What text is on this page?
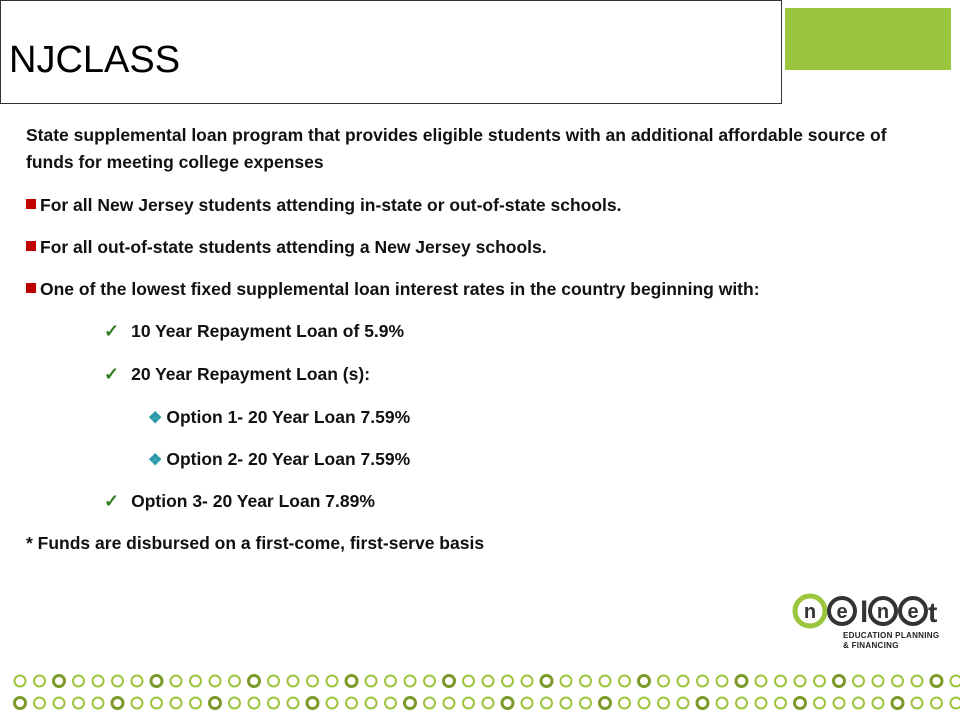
NJCLASS
State supplemental loan program that provides eligible students with an additional affordable source of funds for meeting college expenses
For all New Jersey students attending in-state or out-of-state schools.
For all out-of-state students attending a New Jersey schools.
One of the lowest fixed supplemental loan interest rates in the country beginning with:
✓ 10 Year Repayment Loan of 5.9%
✓ 20 Year Repayment Loan (s):
❖ Option 1- 20 Year Loan 7.59%
❖ Option 2- 20 Year Loan 7.59%
✓ Option 3- 20 Year Loan 7.89%
* Funds are disbursed on a first-come, first-serve basis
n e l n e t
EDUCATION PLANNING
& FINANCING
